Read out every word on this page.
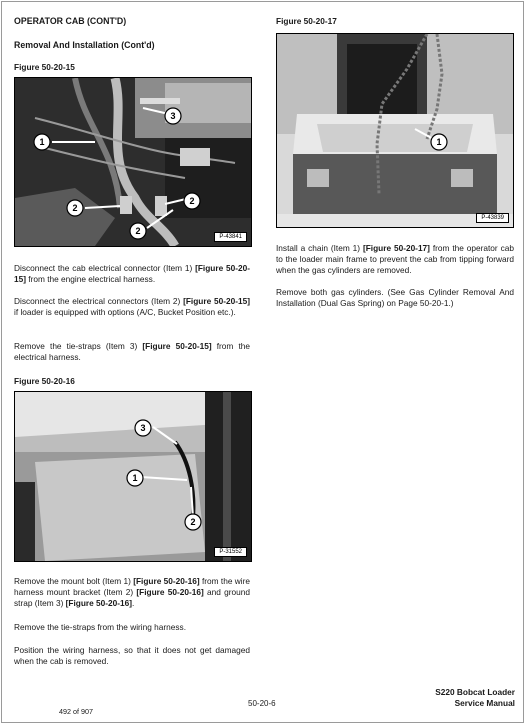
OPERATOR CAB (CONT'D)
Removal And Installation (Cont'd)
Figure 50-20-15
1
2
2
2
3
P-43841
Disconnect the cab electrical connector (Item 1) [Figure 50-20-15] from the engine electrical harness.
Disconnect the electrical connectors (Item 2) [Figure 50-20-15] if loader is equipped with options (A/C, Bucket Position etc.).
Remove the tie-straps (Item 3) [Figure 50-20-15] from the electrical harness.
Figure 50-20-16
3
1
2
P-31552
Remove the mount bolt (Item 1) [Figure 50-20-16] from the wire harness mount bracket (Item 2) [Figure 50-20-16] and ground strap (Item 3) [Figure 50-20-16].
Remove the tie-straps from the wiring harness.
Position the wiring harness, so that it does not get damaged when the cab is removed.
Figure 50-20-17
1
P-43839
Install a chain (Item 1) [Figure 50-20-17] from the operator cab to the loader main frame to prevent the cab from tipping forward when the gas cylinders are removed.
Remove both gas cylinders. (See Gas Cylinder Removal And Installation (Dual Gas Spring) on Page 50-20-1.)
50-20-6
492 of 907
S220 Bobcat Loader
Service Manual
